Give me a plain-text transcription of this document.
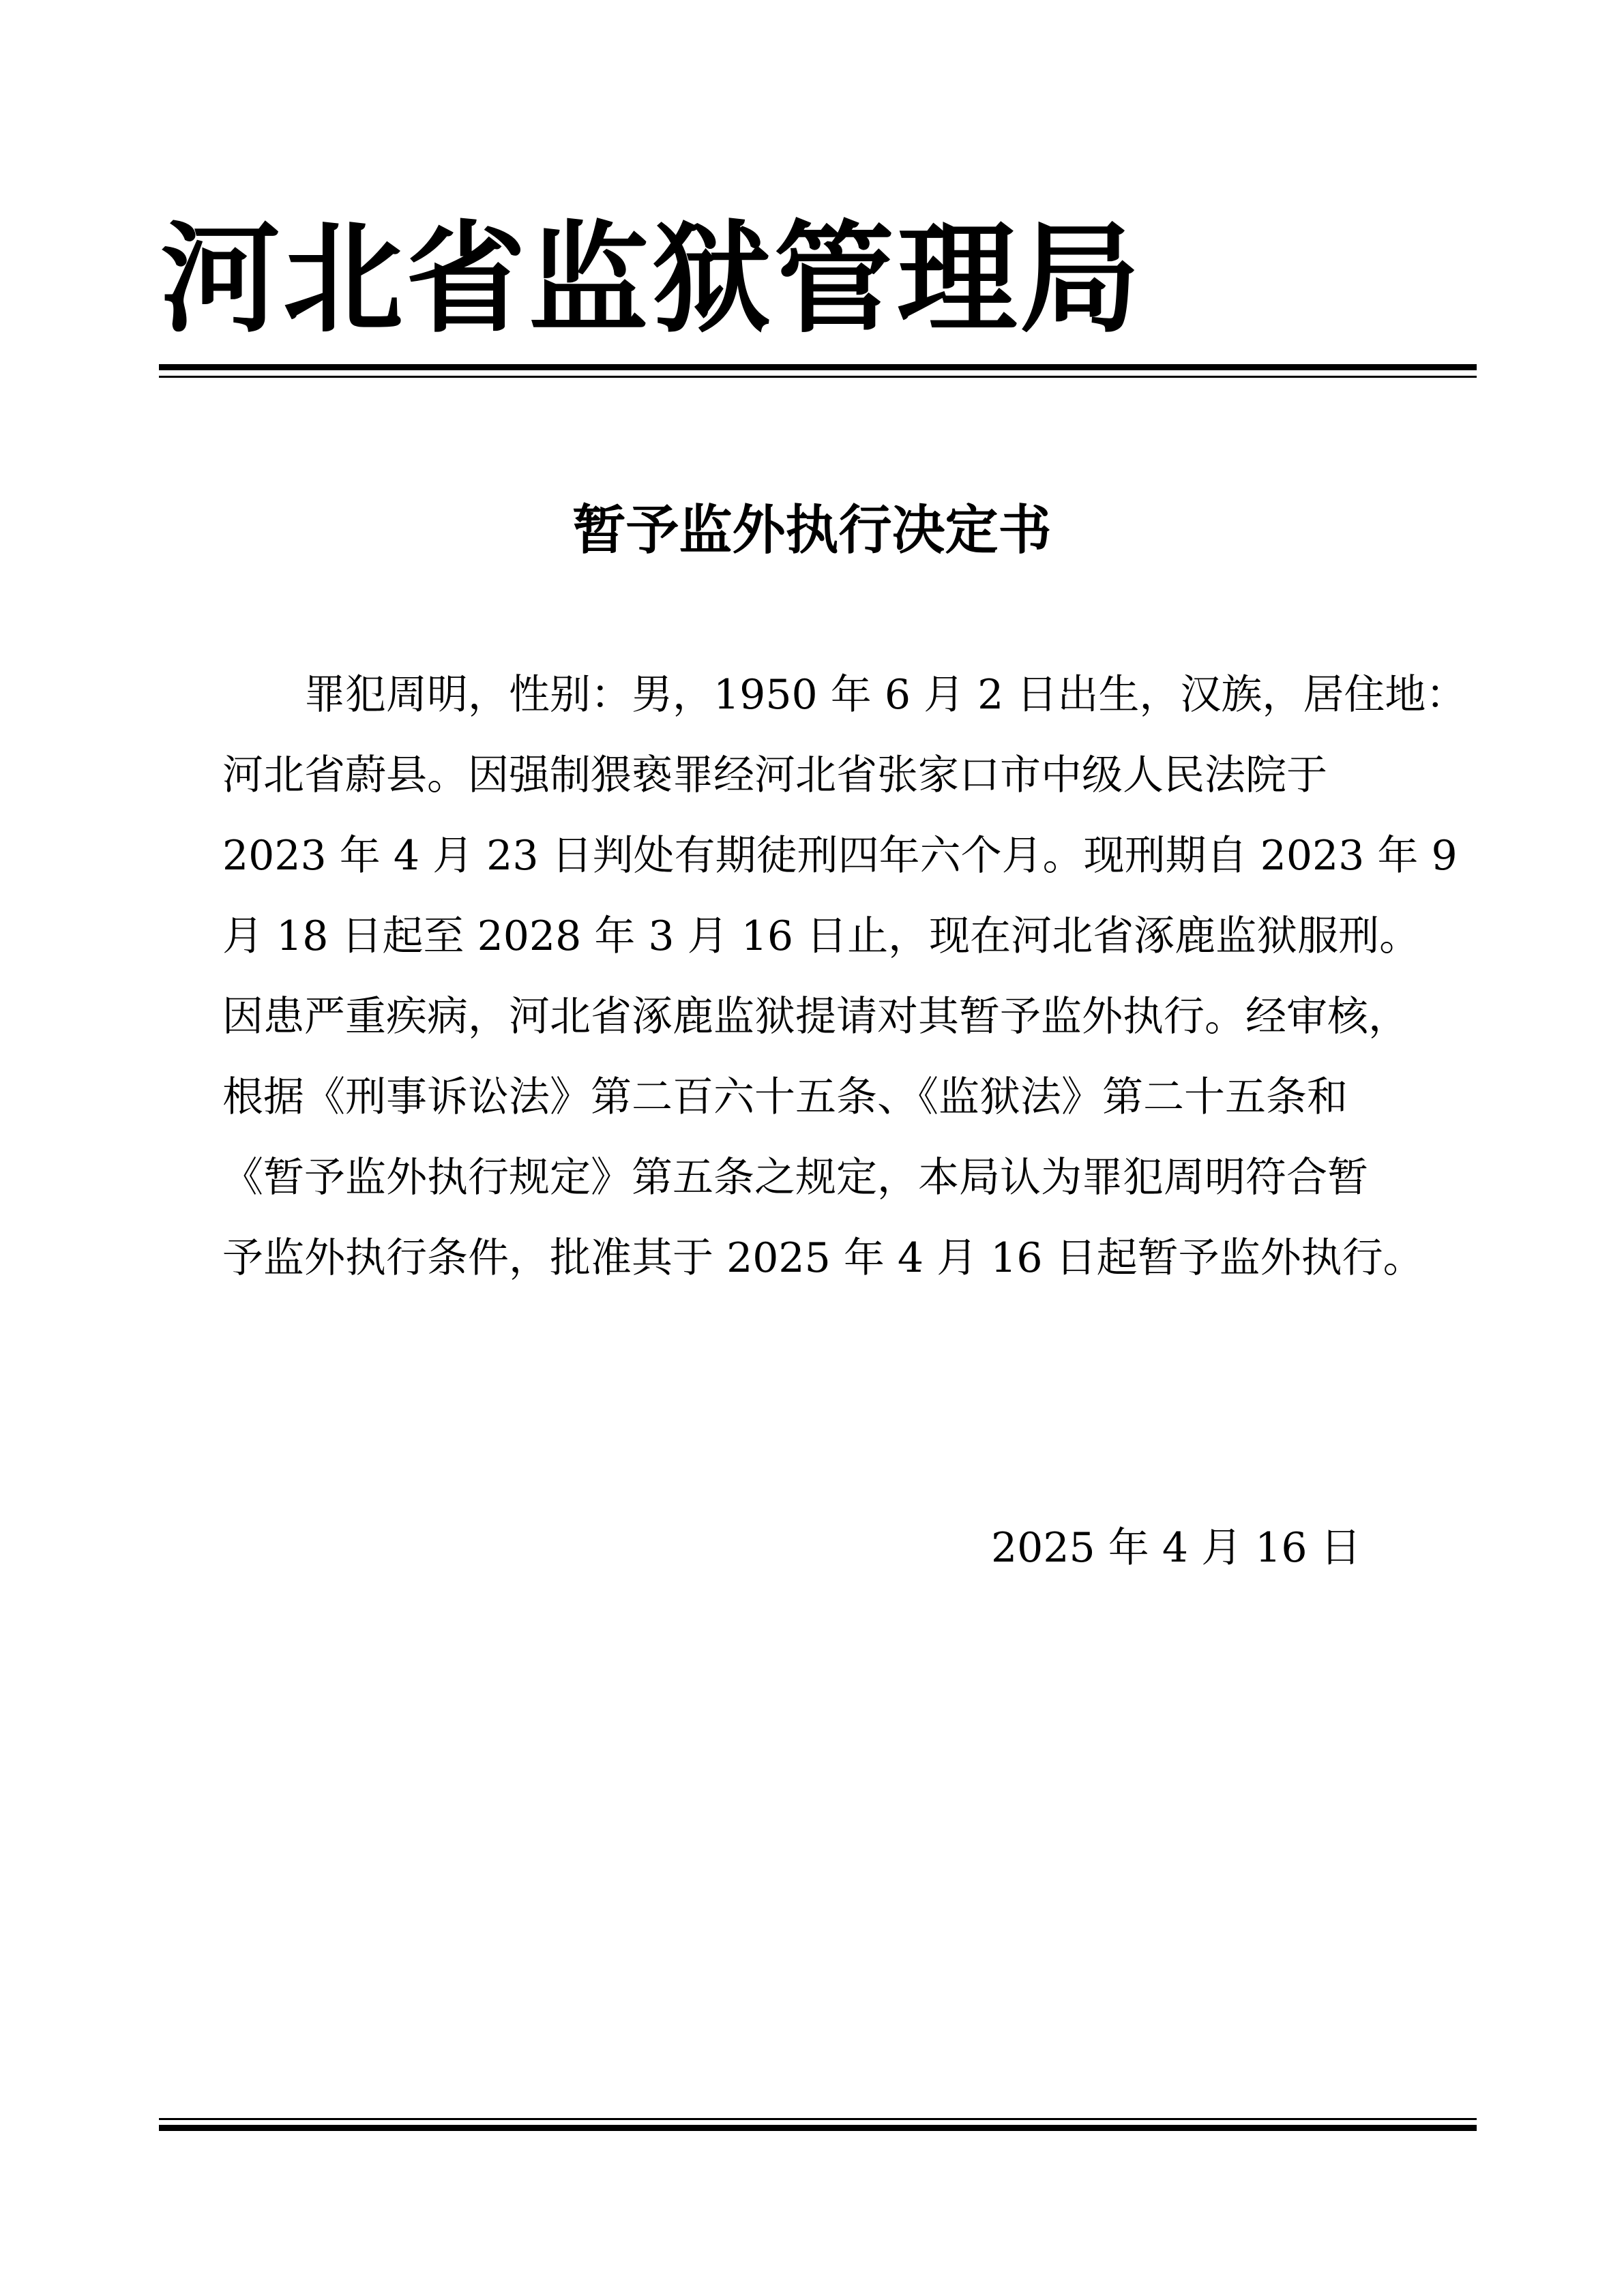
河北省监狱管理局
暂予监外执行决定书
　　罪犯周明，性别：男，1950 年 6 月 2 日出生，汉族，居住地：
河北省蔚县。因强制猥亵罪经河北省张家口市中级人民法院于
2023 年 4 月 23 日判处有期徒刑四年六个月。现刑期自 2023 年 9
月 18 日起至 2028 年 3 月 16 日止，现在河北省涿鹿监狱服刑。
因患严重疾病，河北省涿鹿监狱提请对其暂予监外执行。经审核，
根据《刑事诉讼法》第二百六十五条、《监狱法》第二十五条和
《暂予监外执行规定》第五条之规定，本局认为罪犯周明符合暂
予监外执行条件，批准其于 2025 年 4 月 16 日起暂予监外执行。
2025 年 4 月 16 日
